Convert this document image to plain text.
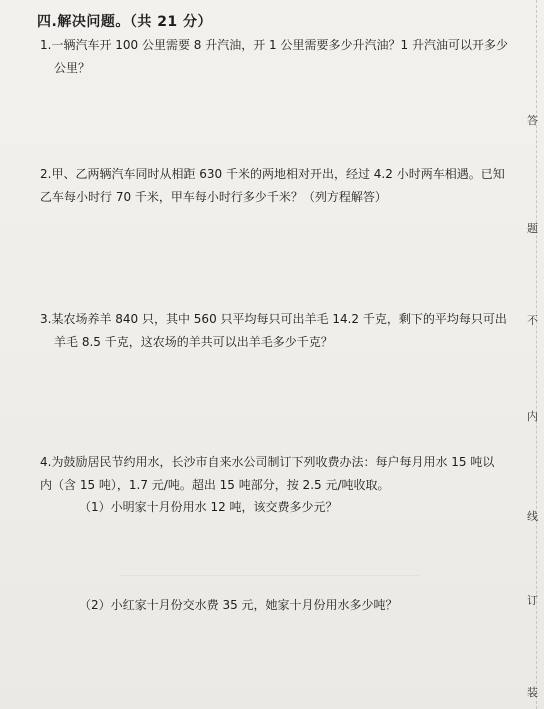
四.解决问题。（共 21 分）
1.一辆汽车开 100 公里需要 8 升汽油，开 1 公里需要多少升汽油？1 升汽油可以开多少
公里？
2.甲、乙两辆汽车同时从相距 630 千米的两地相对开出，经过 4.2 小时两车相遇。已知
乙车每小时行 70 千米，甲车每小时行多少千米？（列方程解答）
3.某农场养羊 840 只，其中 560 只平均每只可出羊毛 14.2 千克，剩下的平均每只可出
羊毛 8.5 千克，这农场的羊共可以出羊毛多少千克？
4.为鼓励居民节约用水，长沙市自来水公司制订下列收费办法：每户每月用水 15 吨以
内（含 15 吨），1.7 元/吨。超出 15 吨部分，按 2.5 元/吨收取。
（1）小明家十月份用水 12 吨，该交费多少元？
（2）小红家十月份交水费 35 元，她家十月份用水多少吨？
答
题
不
内
线
订
装
